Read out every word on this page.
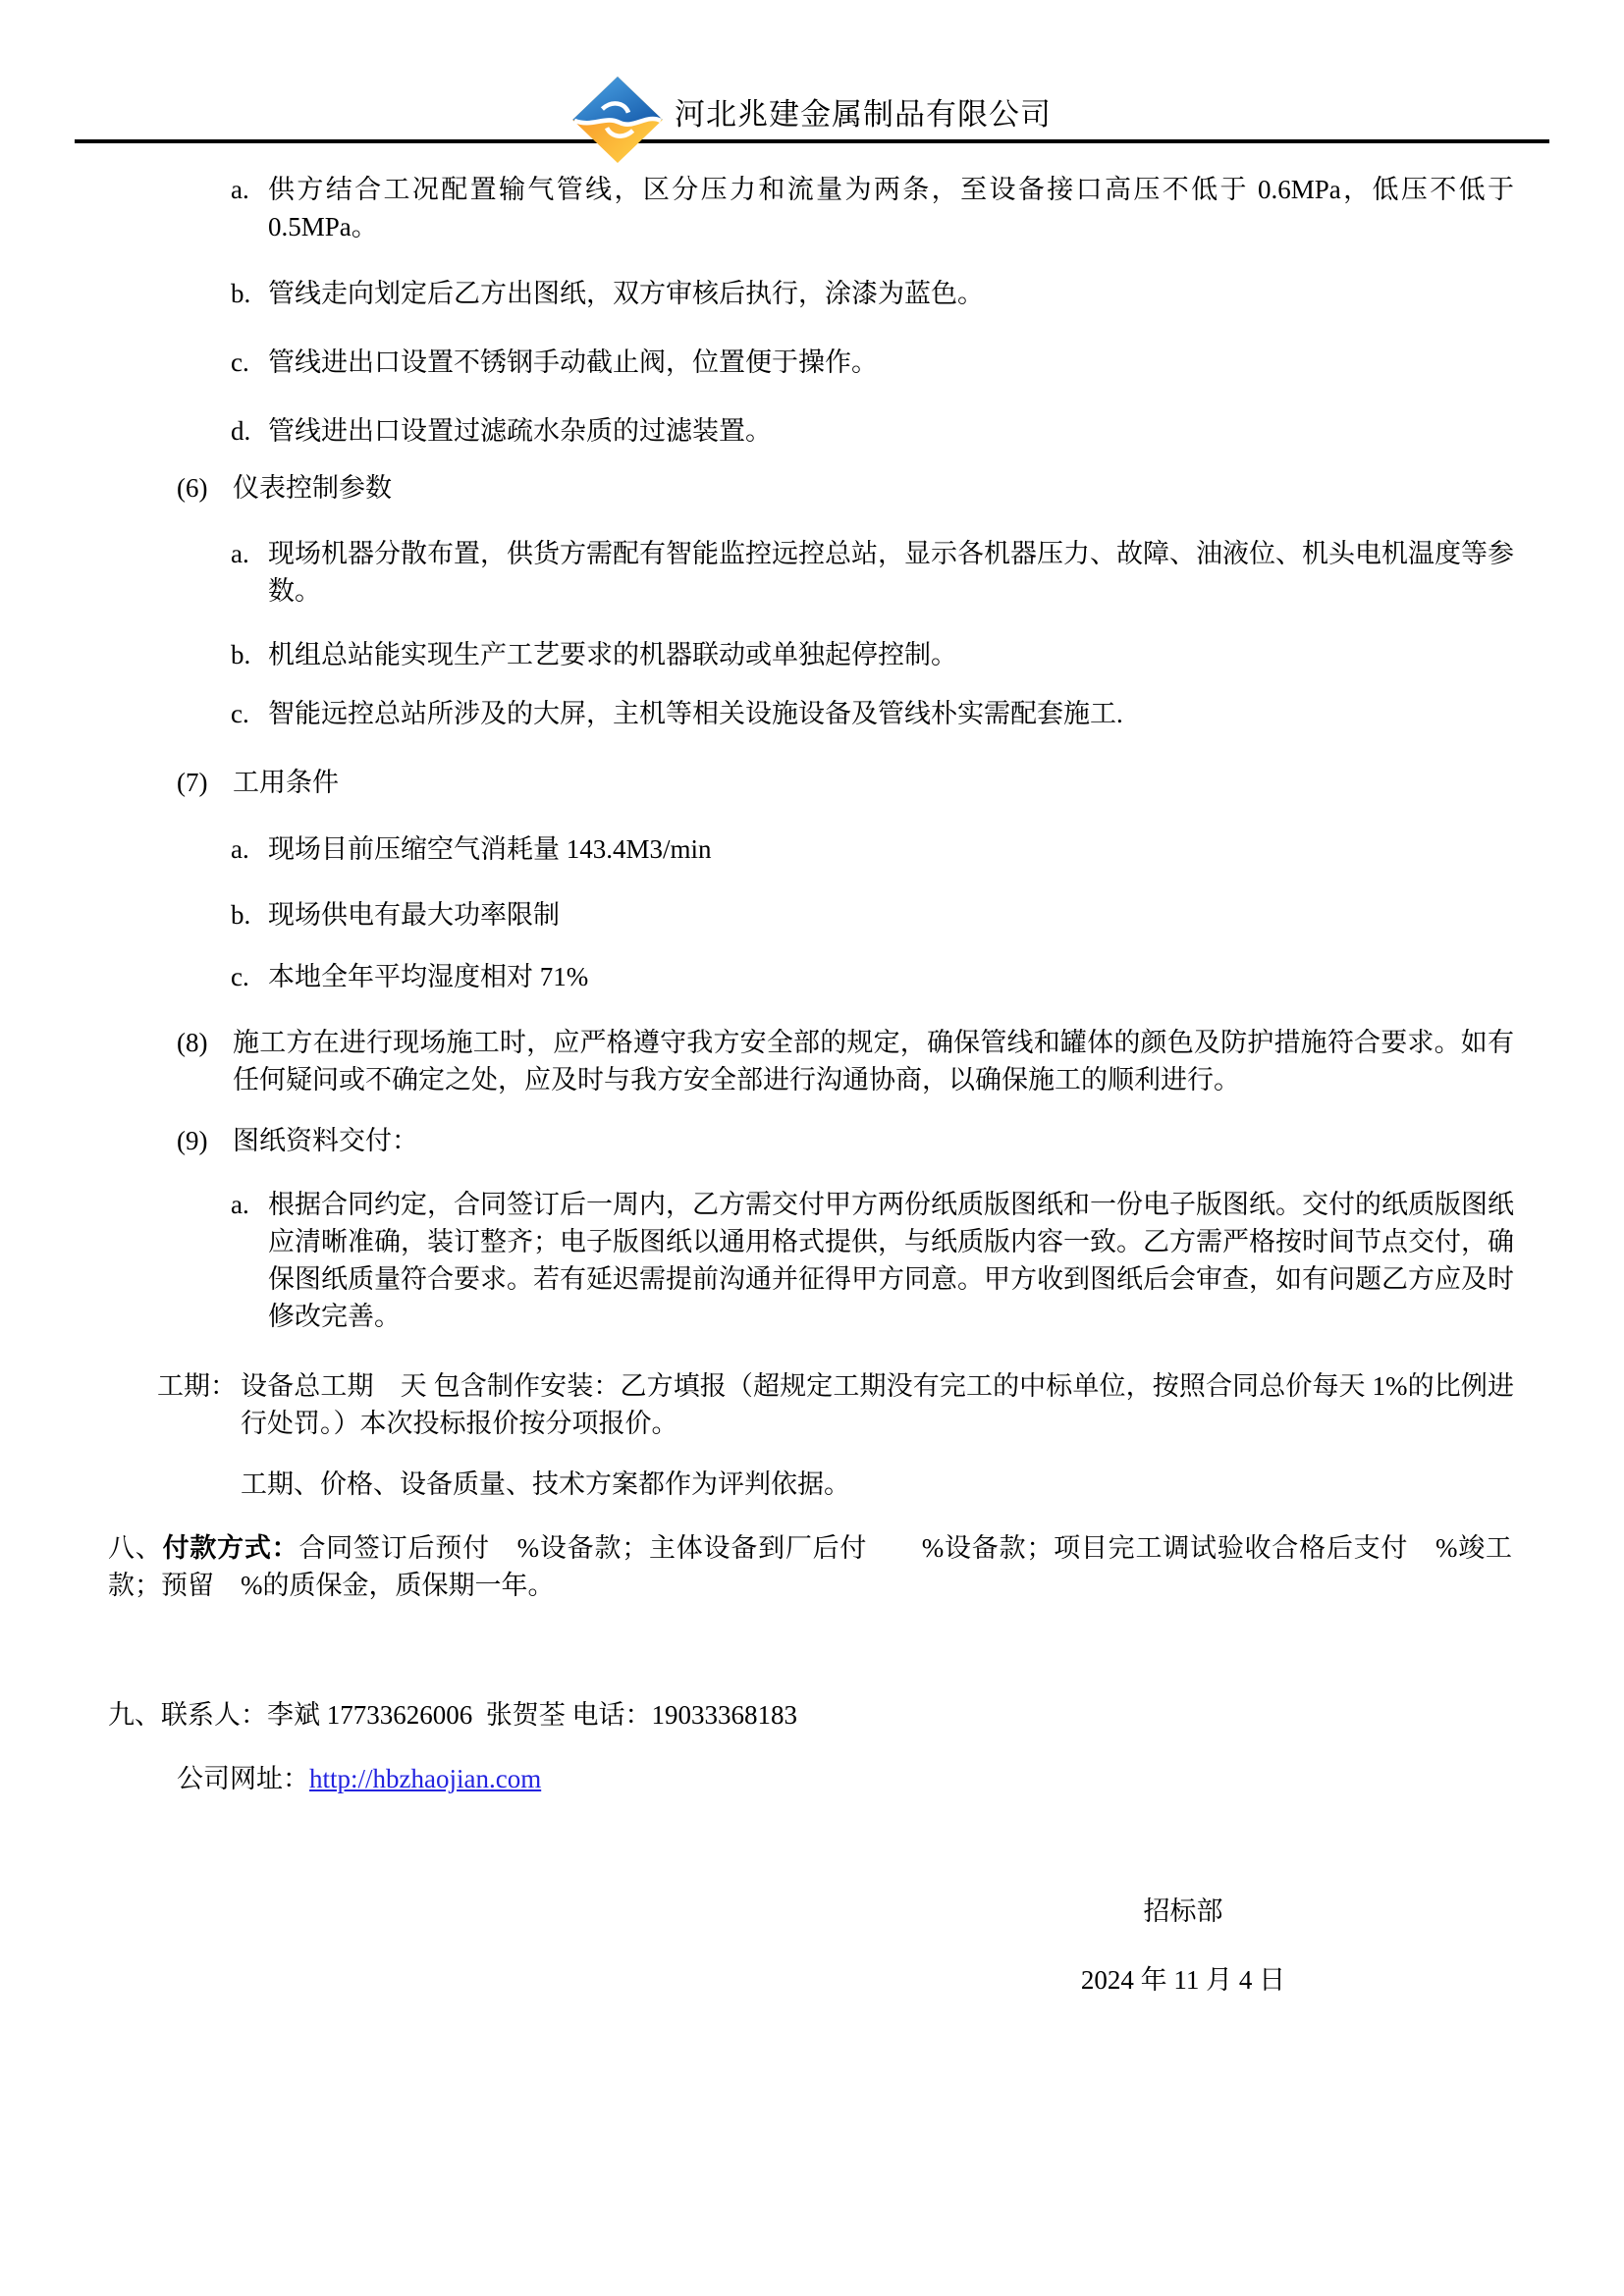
河北兆建金属制品有限公司

a. 供方结合工况配置输气管线，区分压力和流量为两条，至设备接口高压不低于 0.6MPa，低压不低于 0.5MPa。

b. 管线走向划定后乙方出图纸，双方审核后执行，涂漆为蓝色。

c. 管线进出口设置不锈钢手动截止阀，位置便于操作。

d. 管线进出口设置过滤疏水杂质的过滤装置。

(6) 仪表控制参数

a. 现场机器分散布置，供货方需配有智能监控远控总站，显示各机器压力、故障、油液位、机头电机温度等参数。

b. 机组总站能实现生产工艺要求的机器联动或单独起停控制。

c. 智能远控总站所涉及的大屏，主机等相关设施设备及管线朴实需配套施工.

(7) 工用条件

a. 现场目前压缩空气消耗量 143.4M3/min

b. 现场供电有最大功率限制

c. 本地全年平均湿度相对 71%

(8) 施工方在进行现场施工时，应严格遵守我方安全部的规定，确保管线和罐体的颜色及防护措施符合要求。如有任何疑问或不确定之处，应及时与我方安全部进行沟通协商，以确保施工的顺利进行。

(9) 图纸资料交付：

a. 根据合同约定，合同签订后一周内，乙方需交付甲方两份纸质版图纸和一份电子版图纸。交付的纸质版图纸应清晰准确，装订整齐；电子版图纸以通用格式提供，与纸质版内容一致。乙方需严格按时间节点交付，确保图纸质量符合要求。若有延迟需提前沟通并征得甲方同意。甲方收到图纸后会审查，如有问题乙方应及时修改完善。

工期： 设备总工期　天 包含制作安装：乙方填报（超规定工期没有完工的中标单位，按照合同总价每天 1%的比例进行处罚。）本次投标报价按分项报价。

工期、价格、设备质量、技术方案都作为评判依据。

八、付款方式：合同签订后预付　%设备款；主体设备到厂后付　　%设备款；项目完工调试验收合格后支付　%竣工款；预留　%的质保金，质保期一年。

九、联系人：李斌 17733626006  张贺荃 电话：19033368183

公司网址：http://hbzhaojian.com

招标部
2024 年 11 月 4 日
